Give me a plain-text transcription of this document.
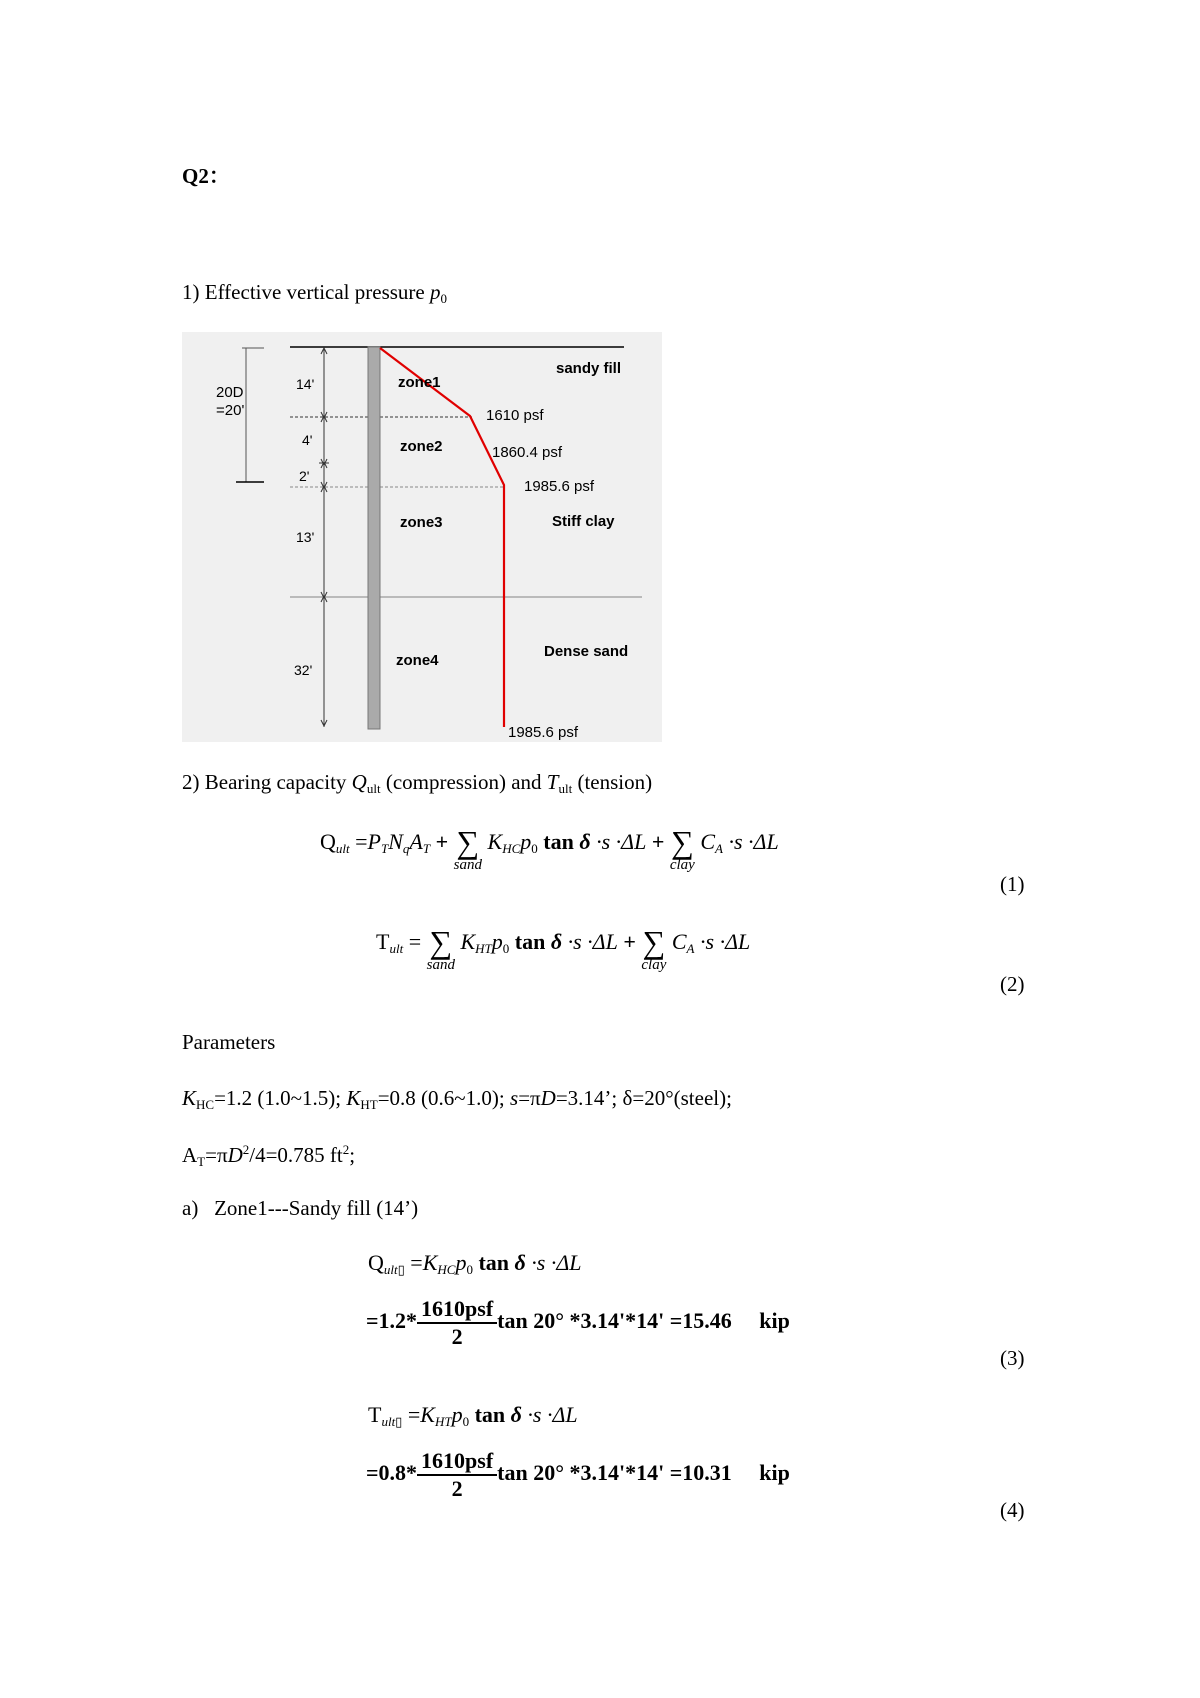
Q2：
1) Effective vertical pressure $p_0$
20D
=20'
14'
4'
2'
13'
32'
zone1
zone2
zone3
zone4
sandy fill
Stiff clay
Dense sand
1610 psf
1860.4 psf
1985.6 psf
1985.6 psf
2) Bearing capacity $Q_{ult}$ (compression) and $T_{ult}$ (tension)
$Q_{ult} =P_TN_qA_T$ + ∑
sand
$K_{HC}p_0$ tan δ ·s ·ΔL + ∑
clay
$C_A \cdot s \cdot\Delta L$
(1)
$T_{ult}$ = ∑
sand
$K_{HT}p_0$ tan δ ·s ·ΔL + ∑
clay
$C_A \cdot s \cdot\Delta L$
(2)
Parameters
$K_{HC}=1.2$ (1.0~1.5); $K_{HT}=0.8$ (0.6~1.0); s=πD=3.14’; δ=20°(steel);
$A_T=\pi D^2/4=0.785$ $ft^2$;
a)   Zone1---Sandy fill (14’)
$Q_{ult▯} =K_{HC}p_0$ tan δ ·s ·ΔL
$=1.2* \frac{\text{1610psf}}{2}$ tan 20° *3.14'*14' =15.46 kip
(3)
$T_{ult▯} =K_{HT}p_0$ tan δ ·s ·ΔL
$=0.8* \frac{\text{1610psf}}{2}$ tan 20° *3.14'*14' =10.31 kip
(4)
